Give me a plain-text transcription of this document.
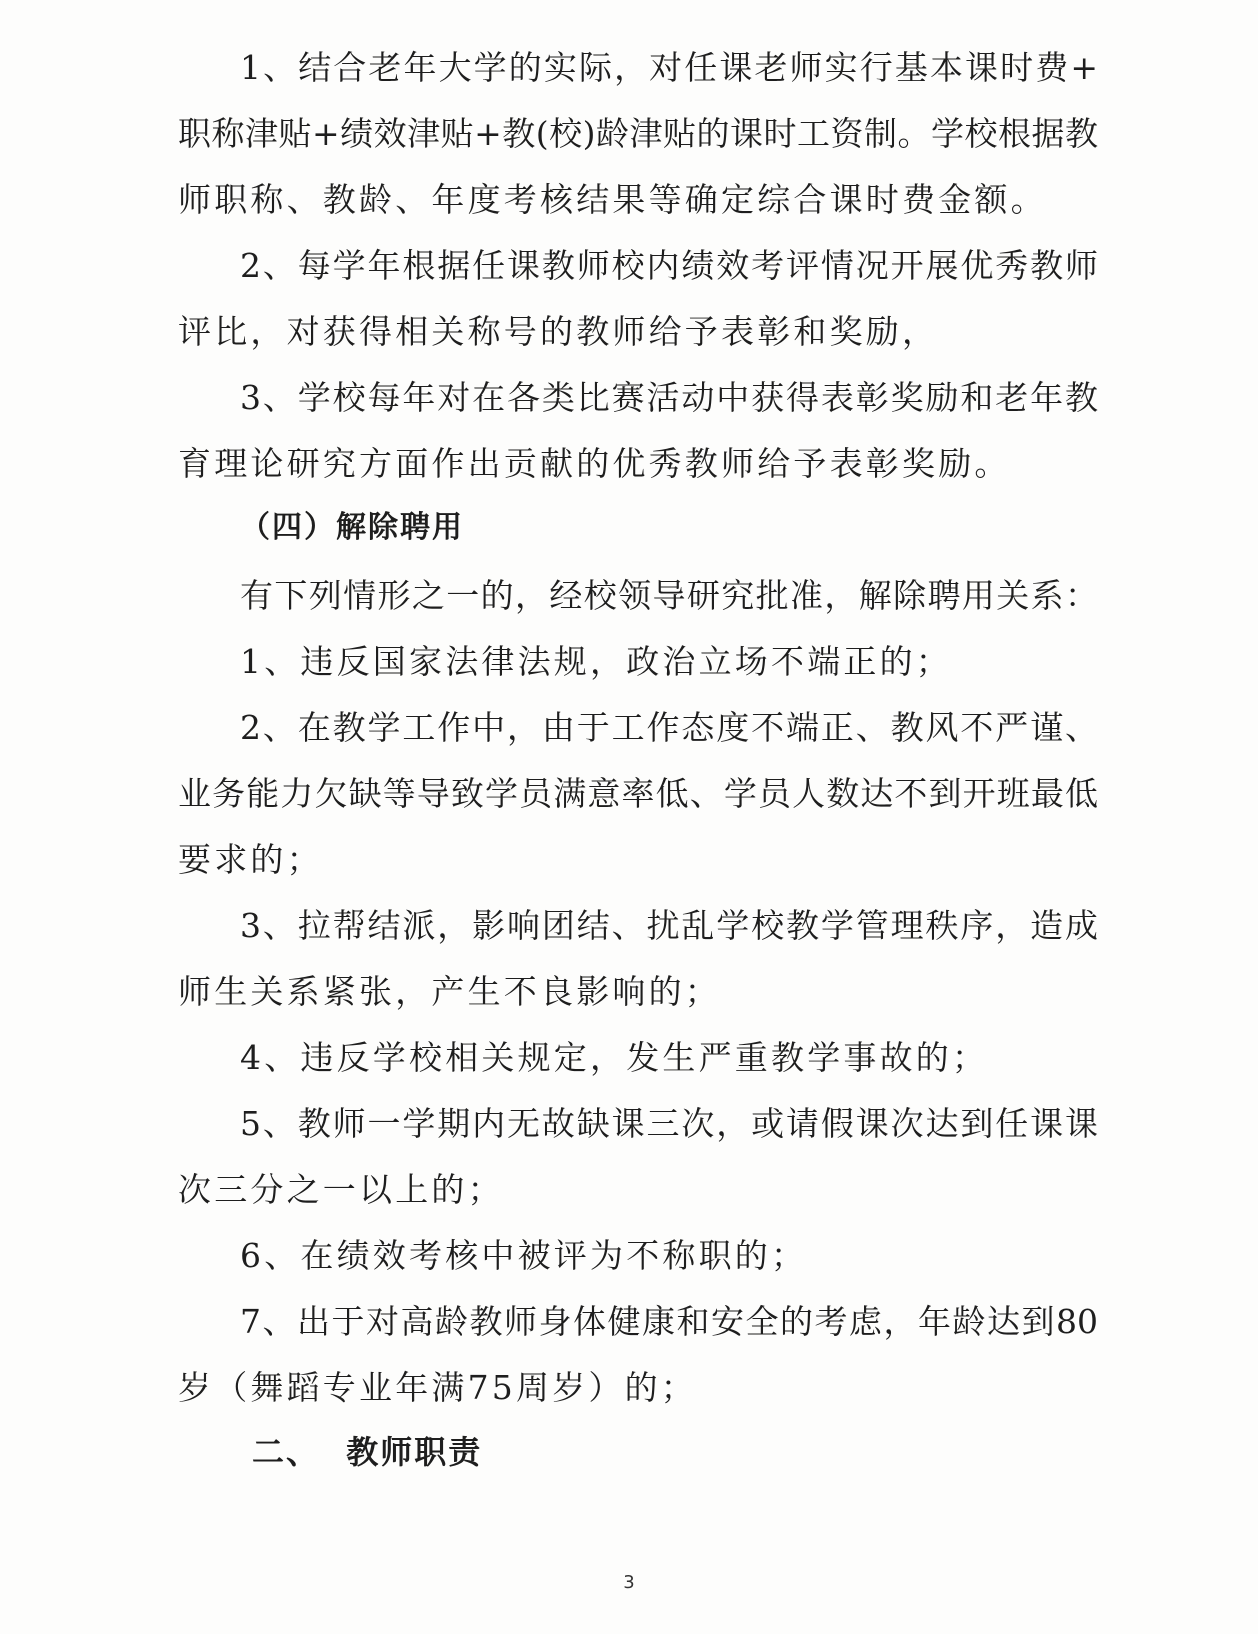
1、结合老年大学的实际，对任课老师实行基本课时费+
职称津贴+绩效津贴+教(校)龄津贴的课时工资制。学校根据教
师职称、教龄、年度考核结果等确定综合课时费金额。
2、每学年根据任课教师校内绩效考评情况开展优秀教师
评比，对获得相关称号的教师给予表彰和奖励，
3、学校每年对在各类比赛活动中获得表彰奖励和老年教
育理论研究方面作出贡献的优秀教师给予表彰奖励。
（四）解除聘用
有下列情形之一的，经校领导研究批准，解除聘用关系：
1、违反国家法律法规，政治立场不端正的；
2、在教学工作中，由于工作态度不端正、教风不严谨、
业务能力欠缺等导致学员满意率低、学员人数达不到开班最低
要求的；
3、拉帮结派，影响团结、扰乱学校教学管理秩序，造成
师生关系紧张，产生不良影响的；
4、违反学校相关规定，发生严重教学事故的；
5、教师一学期内无故缺课三次，或请假课次达到任课课
次三分之一以上的；
6、在绩效考核中被评为不称职的；
7、出于对高龄教师身体健康和安全的考虑，年龄达到80
岁（舞蹈专业年满75周岁）的；
二、  教师职责
3
